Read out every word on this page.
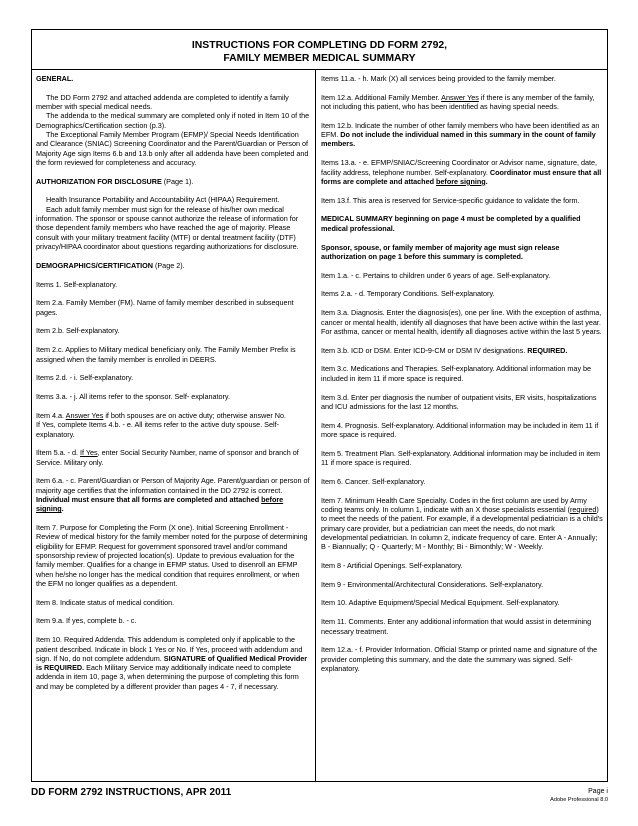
INSTRUCTIONS FOR COMPLETING DD FORM 2792,
FAMILY MEMBER MEDICAL SUMMARY

GENERAL.

The DD Form 2792 and attached addenda are completed to identify a family member with special medical needs.

The addenda to the medical summary are completed only if noted in Item 10 of the Demographics/Certification section (p.3).

The Exceptional Family Member Program (EFMP)/ Special Needs Identification and Clearance (SNIAC) Screening Coordinator and the Parent/Guardian or Person of Majority Age sign Items 6.b and 13.b only after all addenda have been completed and the form reviewed for completeness and accuracy.

AUTHORIZATION FOR DISCLOSURE (Page 1).

Health Insurance Portability and Accountability Act (HIPAA) Requirement.

Each adult family member must sign for the release of his/her own medical information. The sponsor or spouse cannot authorize the release of information for those dependent family members who have reached the age of majority. Please consult with your military treatment facility (MTF) or dental treatment facility (DTF) privacy/HIPAA coordinator about questions regarding authorizations for disclosure.

DEMOGRAPHICS/CERTIFICATION (Page 2).

Items 1. Self-explanatory.

Item 2.a. Family Member (FM). Name of family member described in subsequent pages.

Item 2.b. Self-explanatory.

Item 2.c. Applies to Military medical beneficiary only. The Family Member Prefix is assigned when the family member is enrolled in DEERS.

Items 2.d. - i. Self-explanatory.

Items 3.a. - j. All items refer to the sponsor. Self- explanatory.

Item 4.a. Answer Yes if both spouses are on active duty; otherwise answer No.

If Yes, complete Items 4.b. - e. All items refer to the active duty spouse. Self-explanatory.

Iltem 5.a. - d. If Yes, enter Social Security Number, name of sponsor and branch of Service. Military only.

Item 6.a. - c. Parent/Guardian or Person of Majority Age. Parent/guardian or person of majority age certifies that the information contained in the DD 2792 is correct. Individual must ensure that all forms are completed and attached before signing.

Item 7. Purpose for Completing the Form (X one). Initial Screening Enrollment - Review of medical history for the family member noted for the purpose of determining eligibility for EFMP. Request for government sponsored travel and/or command sponsorship review of projected location(s). Update to previous evaluation for the family member. Qualifies for a change in EFMP status. Used to disenroll an EFMP when he/she no longer has the medical condition that requires enrollment, or when the EFM no longer qualifies as a dependent.

Item 8. Indicate status of medical condition.

Item 9.a. If yes, complete b. - c.

Item 10. Required Addenda. This addendum is completed only if applicable to the patient described. Indicate in block 1 Yes or No. If Yes, proceed with addendum and sign. If No, do not complete addendum. SIGNATURE of Qualified Medical Provider is REQUIRED. Each Military Service may additionally indicate need to complete addenda in item 10, page 3, when determining the purpose of completing this form and may be completed by a different provider than pages 4 - 7, if necessary.

Items 11.a. - h. Mark (X) all services being provided to the family member.

Item 12.a. Additional Family Member. Answer Yes if there is any member of the family, not including this patient, who has been identified as having special needs.

Item 12.b. Indicate the number of other family members who have been identified as an EFM. Do not include the individual named in this summary in the count of family members.

Items 13.a. - e. EFMP/SNIAC/Screening Coordinator or Advisor name, signature, date, facility address, telephone number. Self-explanatory. Coordinator must ensure that all forms are complete and attached before signing.

Item 13.f. This area is reserved for Service-specific guidance to validate the form.

MEDICAL SUMMARY beginning on page 4 must be completed by a qualified medical professional.

Sponsor, spouse, or family member of majority age must sign release authorization on page 1 before this summary is completed.

Item 1.a. - c. Pertains to children under 6 years of age. Self-explanatory.

Items 2.a. - d. Temporary Conditions. Self-explanatory.

Item 3.a. Diagnosis. Enter the diagnosis(es), one per line. With the exception of asthma, cancer or mental health, identify all diagnoses that have been active within the last year. For asthma, cancer or mental health, identify all diagnoses active within the last 5 years.

Item 3.b. ICD or DSM. Enter ICD-9-CM or DSM IV designations. REQUIRED.

Item 3.c. Medications and Therapies. Self-explanatory. Additional information may be included in item 11 if more space is required.

Item 3.d. Enter per diagnosis the number of outpatient visits, ER visits, hospitalizations and ICU admissions for the last 12 months.

Item 4. Prognosis. Self-explanatory. Additional information may be included in item 11 if more space is required.

Item 5. Treatment Plan. Self-explanatory. Additional information may be included in item 11 if more space is required.

Item 6. Cancer. Self-explanatory.

Item 7. Minimum Health Care Specialty. Codes in the first column are used by Army coding teams only. In column 1, indicate with an X those specialists essential (required) to meet the needs of the patient. For example, if a developmental pediatrician is a child's primary care provider, but a pediatrician can meet the needs, do not mark developmental pediatrician. In column 2, indicate frequency of care. Enter A - Annually; B - Biannually; Q - Quarterly; M - Monthly; Bi - Bimonthly; W - Weekly.

Item 8 - Artificial Openings. Self-explanatory.

Item 9 - Environmental/Architectural Considerations. Self-explanatory.

Item 10. Adaptive Equipment/Special Medical Equipment. Self-explanatory.

Item 11. Comments. Enter any additional information that would assist in determining necessary treatment.

Item 12.a. - f. Provider Information. Official Stamp or printed name and signature of the provider completing this summary, and the date the summary was signed. Self-explanatory.

DD FORM 2792 INSTRUCTIONS, APR 2011	Page i
Adobe Professional 8.0
